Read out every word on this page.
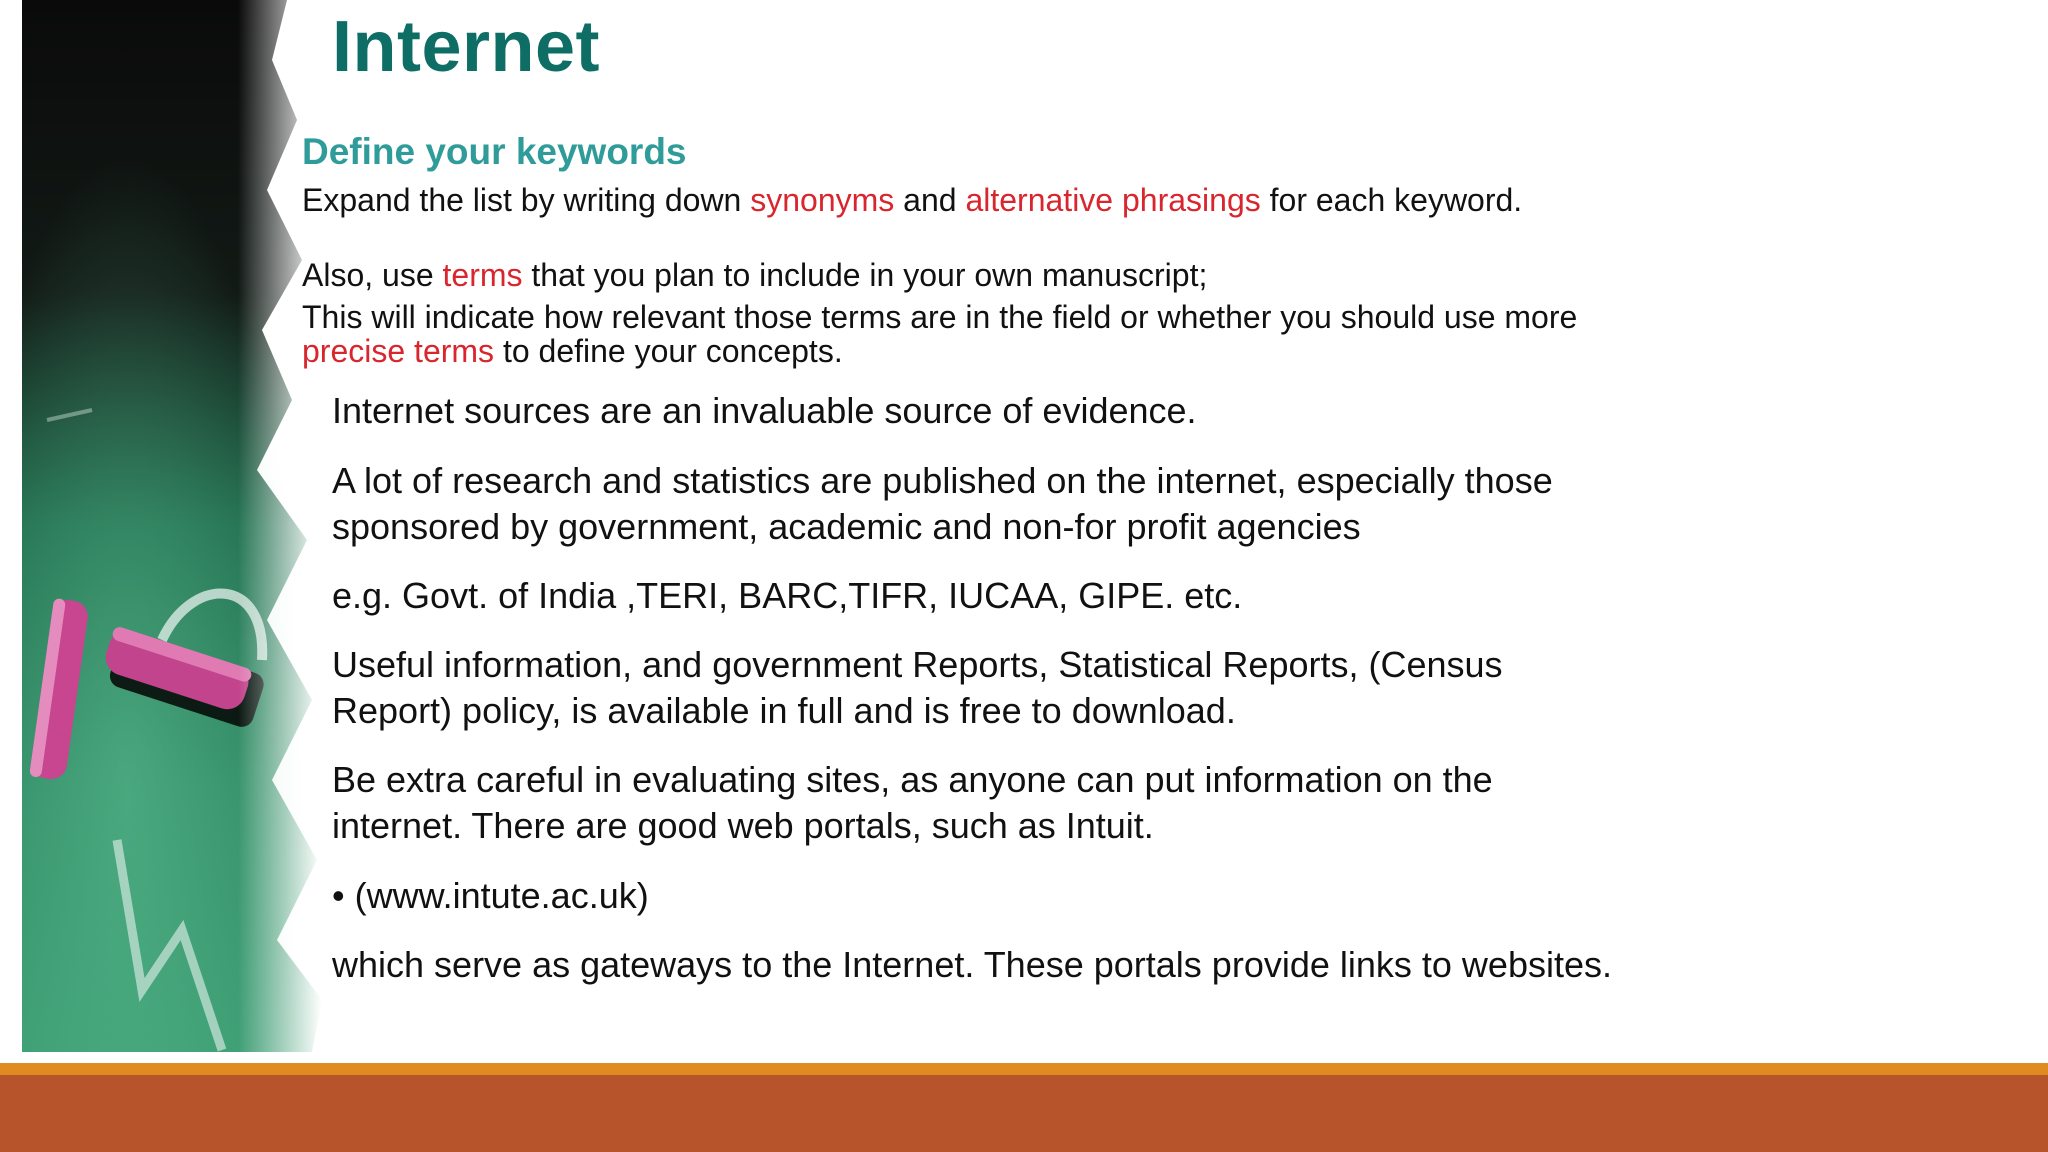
Internet
Define your keywords

Expand the list by writing down synonyms and alternative phrasings for each keyword.

Also, use terms that you plan to include in your own manuscript;

This will indicate how relevant those terms are in the field or whether you should use more precise terms to define your concepts.

Internet sources are an invaluable source of evidence.

A lot of research and statistics are published on the internet, especially those sponsored by government, academic and non-for profit agencies

e.g. Govt. of India ,TERI, BARC,TIFR, IUCAA, GIPE. etc.

Useful information, and government Reports, Statistical Reports, (Census Report) policy, is available in full and is free to download.

Be extra careful in evaluating sites, as anyone can put information on the internet. There are good web portals, such as Intuit.

• (www.intute.ac.uk)

which serve as gateways to the Internet. These portals provide links to websites.
